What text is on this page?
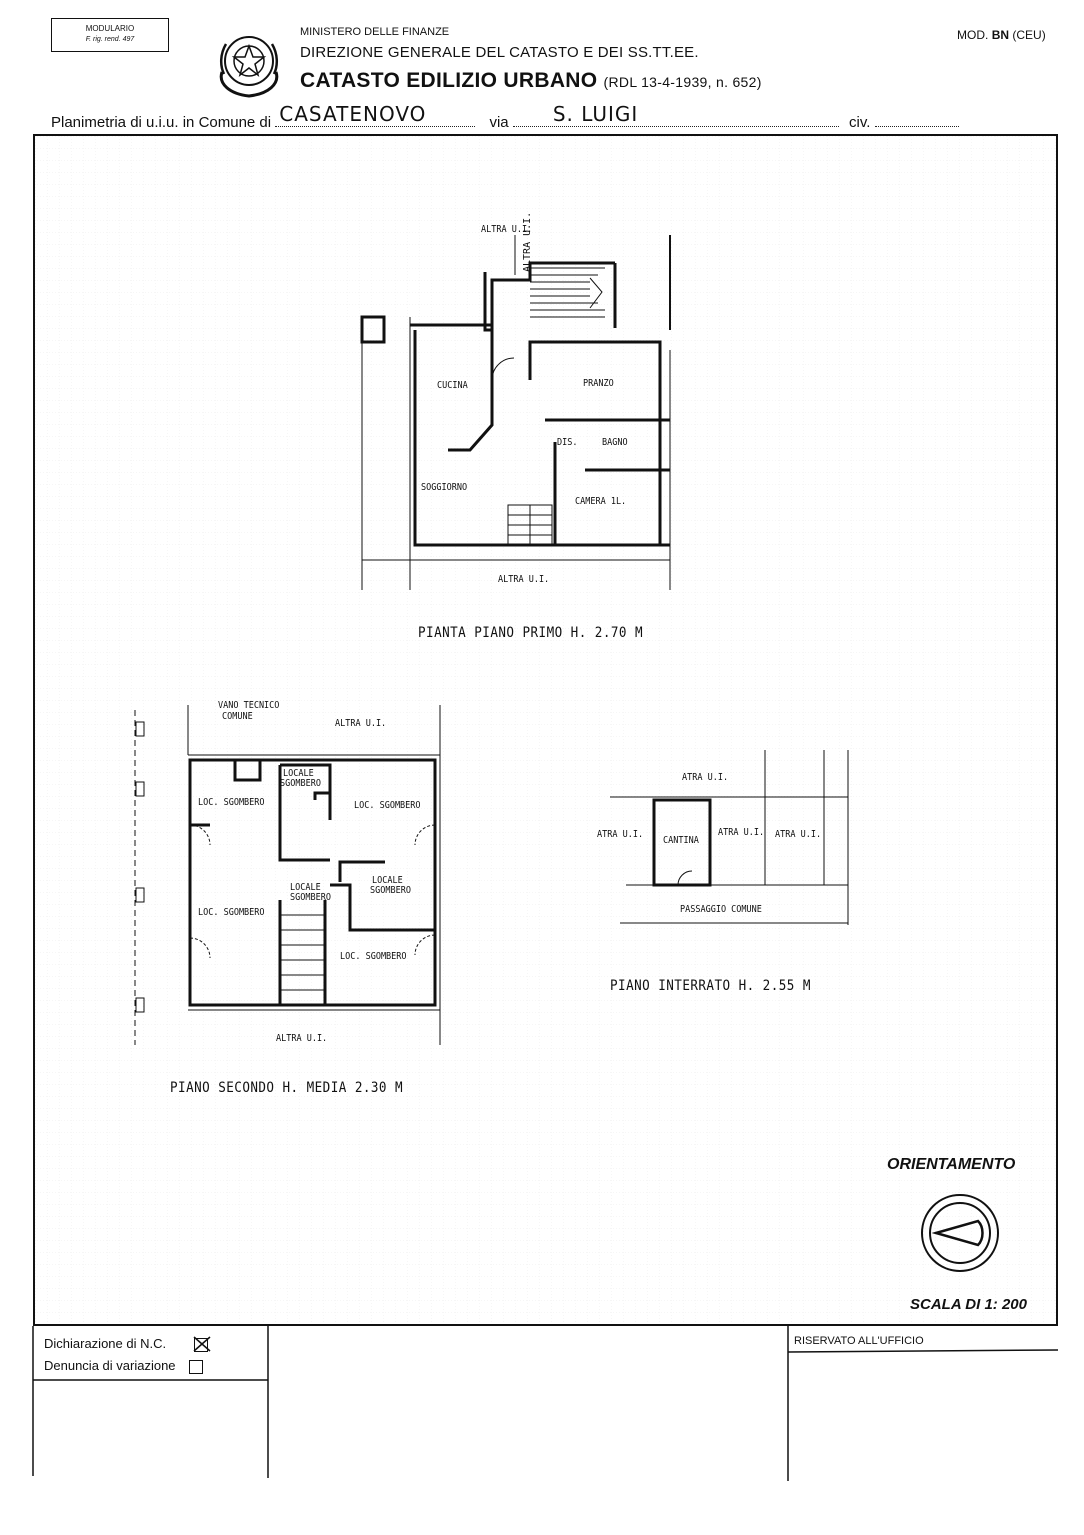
MODULARIO
F. rig. rend. 497
MINISTERO DELLE FINANZE
DIREZIONE GENERALE DEL CATASTO E DEI SS.TT.EE.
CATASTO EDILIZIO URBANO (RDL 13-4-1939, n. 652)
MOD. BN (CEU)
Planimetria di u.i.u. in Comune di CASATENOVO	via S. LUIGI	civ.
ALTRA U.I.
ALTRA U.I.
CUCINA	PRANZO
DIS. BAGNO
SOGGIORNO
CAMERA 1L.
ALTRA U.I.
PIANTA PIANO PRIMO H. 2.70 M
VANO TECNICO
COMUNE
ALTRA U.I.
LOCALE
SGOMBERO
LOC. SGOMBERO	LOC. SGOMBERO
LOCALE
SGOMBERO
LOCALE
SGOMBERO
LOC. SGOMBERO
LOC. SGOMBERO
ALTRA U.I.
PIANO SECONDO H. MEDIA 2.30 M
ATRA U.I.
ATRA U.I.
CANTINA
ATRA U.I. ATRA U.I.
PASSAGGIO COMUNE
PIANO INTERRATO H. 2.55 M
ORIENTAMENTO
SCALA DI 1: 200
Dichiarazione di N.C.
Denuncia di variazione
RISERVATO ALL'UFFICIO
